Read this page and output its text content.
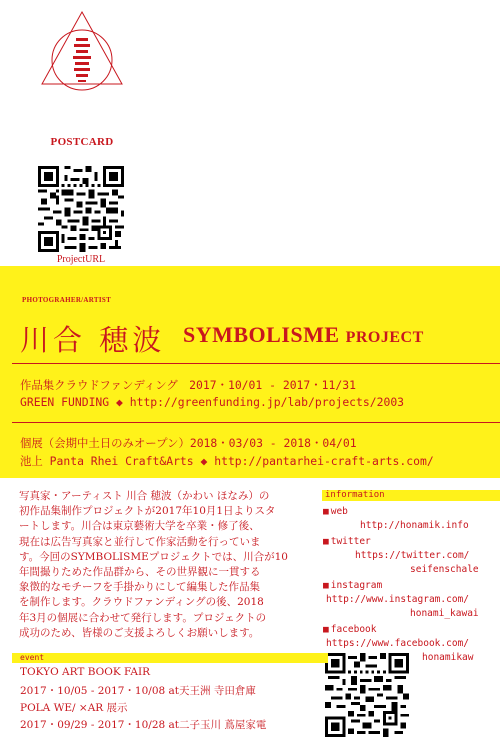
POSTCARD
ProjectURL
PHOTOGRAHER/ARTIST
川合 穂波 SYMBOLISME PROJECT
作品集クラウドファンディング　2017・10/01 - 2017・11/31
GREEN FUNDING ◆ http://greenfunding.jp/lab/projects/2003
個展（会期中土日のみオープン）2018・03/03 - 2018・04/01
池上 Panta Rhei Craft&Arts ◆ http://pantarhei-craft-arts.com/
写真家・アーティスト 川合 穂波（かわい ほなみ）の
初作品集制作プロジェクトが2017年10月1日よりスタ
ートします。川合は東京藝術大学を卒業・修了後、
現在は広告写真家と並行して作家活動を行っていま
す。今回のSYMBOLISMEプロジェクトでは、川合が10
年間撮りためた作品群から、その世界観に一貫する
象徴的なモチーフを手掛かりにして編集した作品集
を制作します。クラウドファンディングの後、2018
年3月の個展に合わせて発行します。プロジェクトの
成功のため、皆様のご支援よろしくお願いします。
information
■ web
http://honamik.info
■ twitter
https://twitter.com/
seifenschale
■ instagram
http://www.instagram.com/
honami_kawai
■ facebook
https://www.facebook.com/
honamikaw
event
TOKYO ART BOOK FAIR
2017・10/05 - 2017・10/08 at天王洲 寺田倉庫
POLA WE/ ×AR 展示
2017・09/29 - 2017・10/28 at二子玉川 蔦屋家電
